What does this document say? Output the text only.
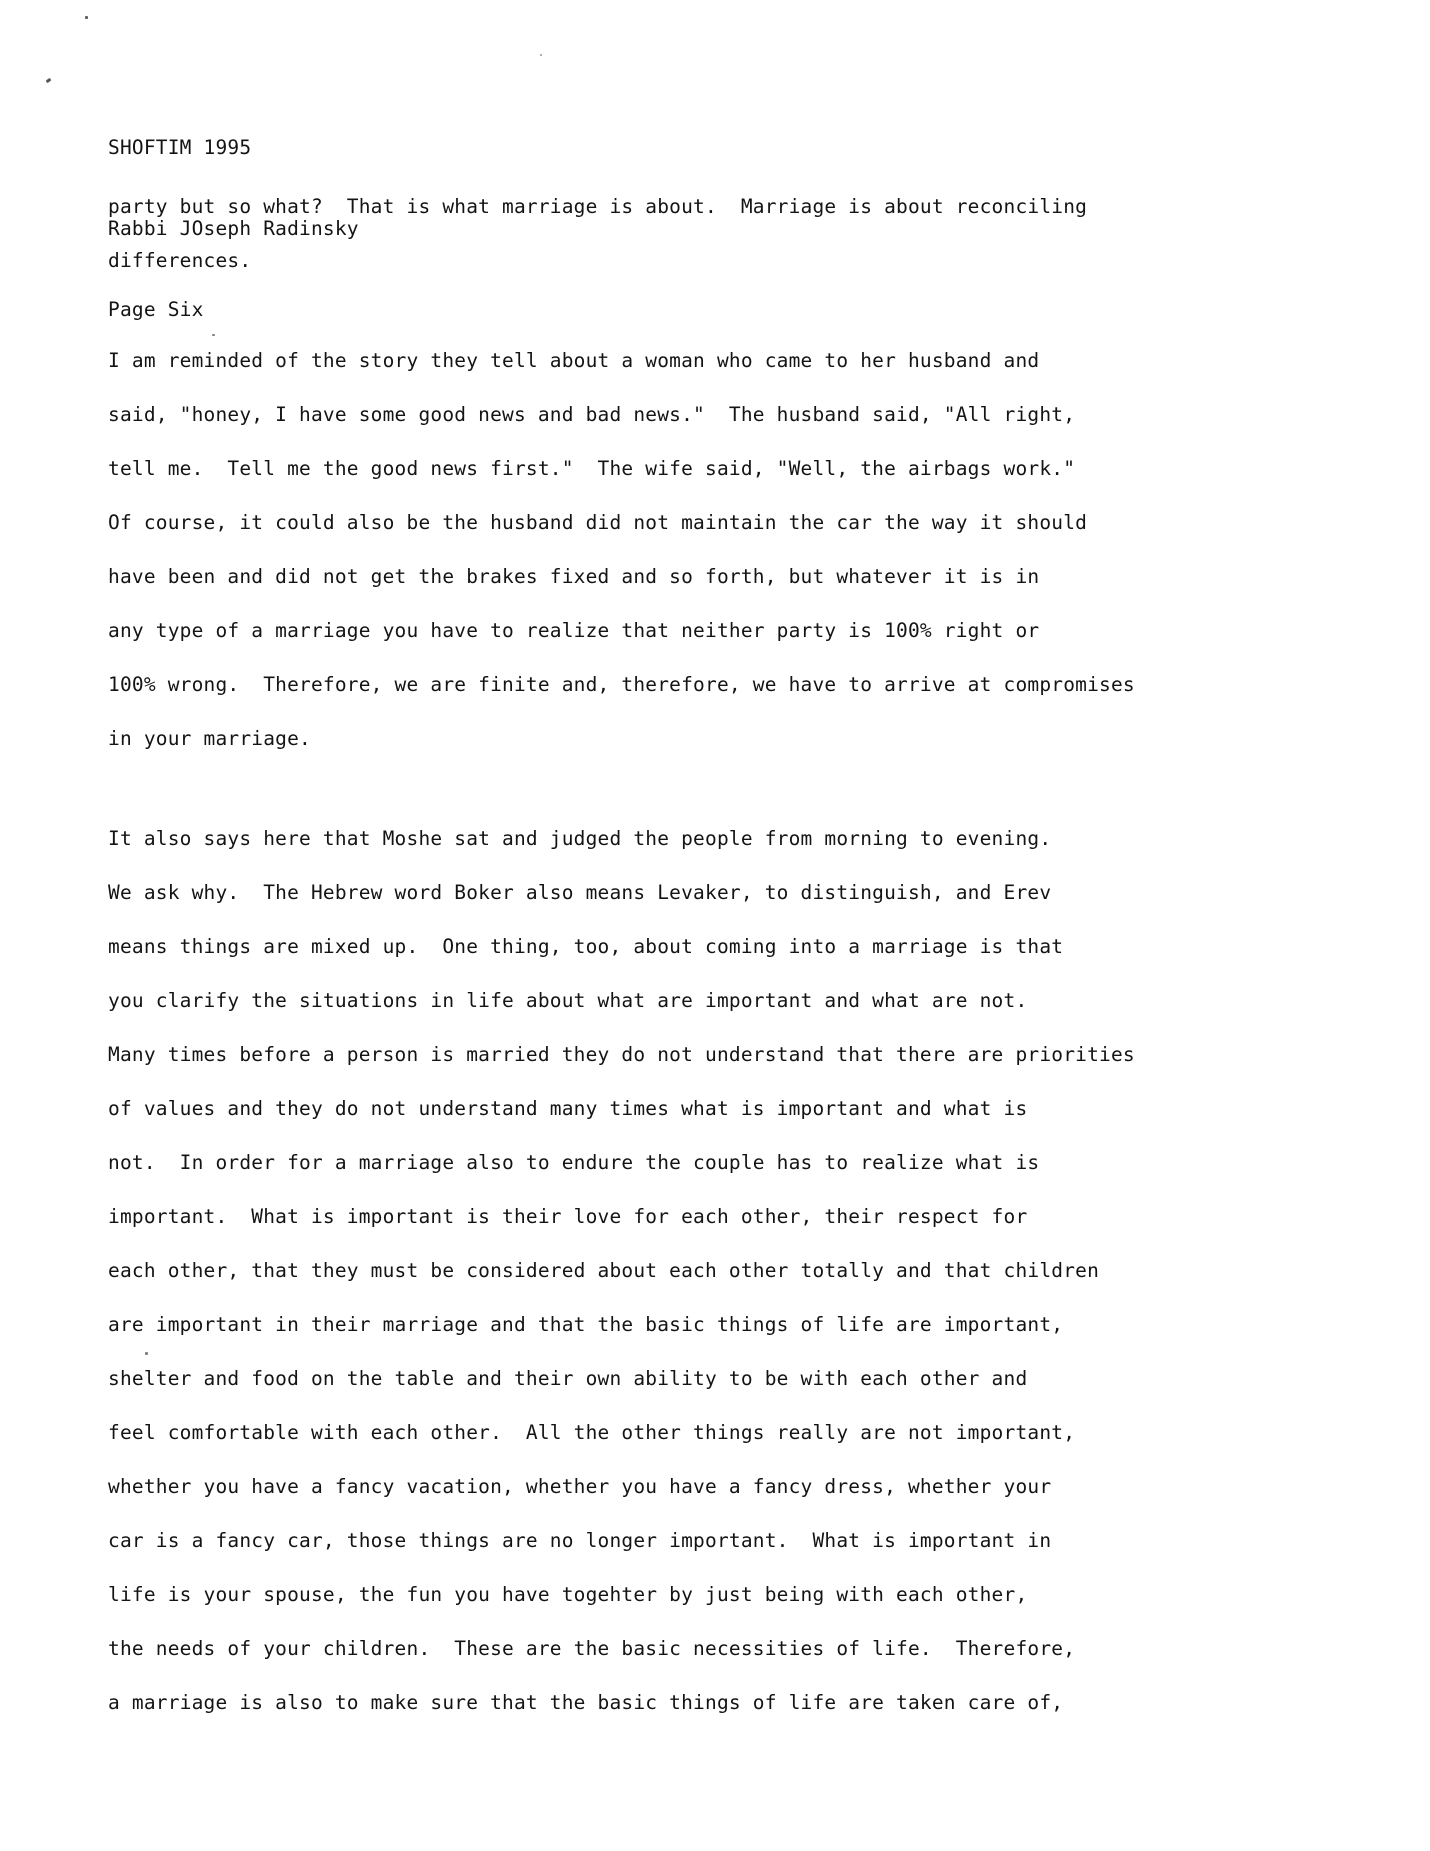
SHOFTIM 1995

Rabbi JOseph Radinsky

Page Six

party but so what?  That is what marriage is about.  Marriage is about reconciling
differences.
I am reminded of the story they tell about a woman who came to her husband and
said, "honey, I have some good news and bad news."  The husband said, "All right,
tell me.  Tell me the good news first."  The wife said, "Well, the airbags work."
Of course, it could also be the husband did not maintain the car the way it should
have been and did not get the brakes fixed and so forth, but whatever it is in
any type of a marriage you have to realize that neither party is 100% right or
100% wrong.  Therefore, we are finite and, therefore, we have to arrive at compromises
in your marriage.
It also says here that Moshe sat and judged the people from morning to evening.
We ask why.  The Hebrew word Boker also means Levaker, to distinguish, and Erev
means things are mixed up.  One thing, too, about coming into a marriage is that
you clarify the situations in life about what are important and what are not.
Many times before a person is married they do not understand that there are priorities
of values and they do not understand many times what is important and what is
not.  In order for a marriage also to endure the couple has to realize what is
important.  What is important is their love for each other, their respect for
each other, that they must be considered about each other totally and that children
are important in their marriage and that the basic things of life are important,
shelter and food on the table and their own ability to be with each other and
feel comfortable with each other.  All the other things really are not important,
whether you have a fancy vacation, whether you have a fancy dress, whether your
car is a fancy car, those things are no longer important.  What is important in
life is your spouse, the fun you have togehter by just being with each other,
the needs of your children.  These are the basic necessities of life.  Therefore,
a marriage is also to make sure that the basic things of life are taken care of,
